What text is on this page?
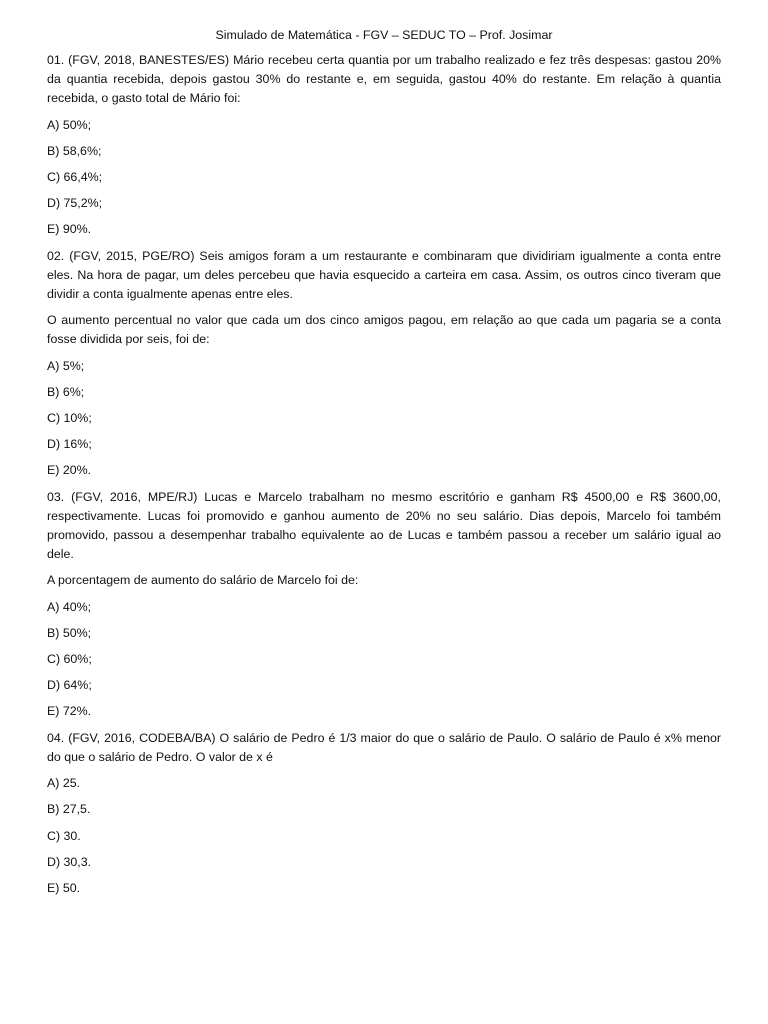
Simulado de Matemática - FGV – SEDUC TO – Prof. Josimar

01. (FGV, 2018, BANESTES/ES) Mário recebeu certa quantia por um trabalho realizado e fez três despesas: gastou 20% da quantia recebida, depois gastou 30% do restante e, em seguida, gastou 40% do restante. Em relação à quantia recebida, o gasto total de Mário foi:

A) 50%;
B) 58,6%;
C) 66,4%;
D) 75,2%;
E) 90%.

02. (FGV, 2015, PGE/RO) Seis amigos foram a um restaurante e combinaram que dividiriam igualmente a conta entre eles. Na hora de pagar, um deles percebeu que havia esquecido a carteira em casa. Assim, os outros cinco tiveram que dividir a conta igualmente apenas entre eles.

O aumento percentual no valor que cada um dos cinco amigos pagou, em relação ao que cada um pagaria se a conta fosse dividida por seis, foi de:

A) 5%;
B) 6%;
C) 10%;
D) 16%;
E) 20%.

03. (FGV, 2016, MPE/RJ) Lucas e Marcelo trabalham no mesmo escritório e ganham R$ 4500,00 e R$ 3600,00, respectivamente. Lucas foi promovido e ganhou aumento de 20% no seu salário. Dias depois, Marcelo foi também promovido, passou a desempenhar trabalho equivalente ao de Lucas e também passou a receber um salário igual ao dele.

A porcentagem de aumento do salário de Marcelo foi de:

A) 40%;
B) 50%;
C) 60%;
D) 64%;
E) 72%.

04. (FGV, 2016, CODEBA/BA) O salário de Pedro é 1/3 maior do que o salário de Paulo. O salário de Paulo é x% menor do que o salário de Pedro. O valor de x é

A) 25.
B) 27,5.
C) 30.
D) 30,3.
E) 50.
